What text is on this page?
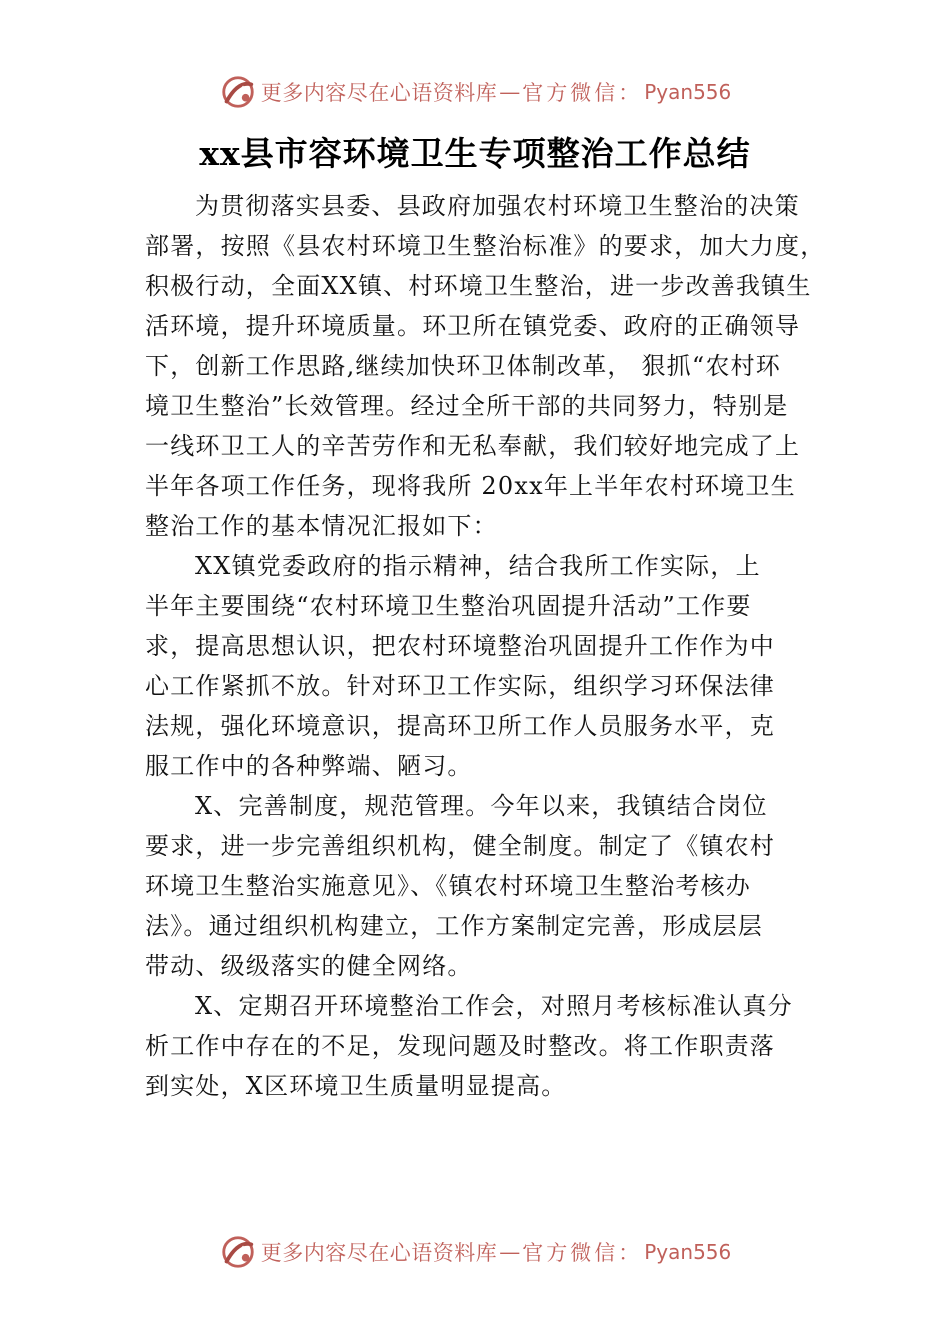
更多内容尽在心语资料库 — 官方微信： Pyan556
xx县市容环境卫生专项整治工作总结

为贯彻落实县委、县政府加强农村环境卫生整治的决策
部署，按照《县农村环境卫生整治标准》的要求，加大力度，
积极行动，全面XX镇、村环境卫生整治，进一步改善我镇生
活环境，提升环境质量。环卫所在镇党委、政府的正确领导
下，创新工作思路,继续加快环卫体制改革， 狠抓“农村环
境卫生整治”长效管理。经过全所干部的共同努力，特别是
一线环卫工人的辛苦劳作和无私奉献，我们较好地完成了上
半年各项工作任务，现将我所 20xx年上半年农村环境卫生
整治工作的基本情况汇报如下：

XX镇党委政府的指示精神，结合我所工作实际，上
半年主要围绕“农村环境卫生整治巩固提升活动”工作要
求，提高思想认识，把农村环境整治巩固提升工作作为中
心工作紧抓不放。针对环卫工作实际，组织学习环保法律
法规，强化环境意识，提高环卫所工作人员服务水平，克
服工作中的各种弊端、陋习。

X、完善制度，规范管理。今年以来，我镇结合岗位
要求，进一步完善组织机构，健全制度。制定了《镇农村
环境卫生整治实施意见》、《镇农村环境卫生整治考核办
法》。通过组织机构建立，工作方案制定完善，形成层层
带动、级级落实的健全网络。

X、定期召开环境整治工作会，对照月考核标准认真分
析工作中存在的不足，发现问题及时整改。将工作职责落
到实处，X区环境卫生质量明显提高。

更多内容尽在心语资料库 — 官方微信： Pyan556
